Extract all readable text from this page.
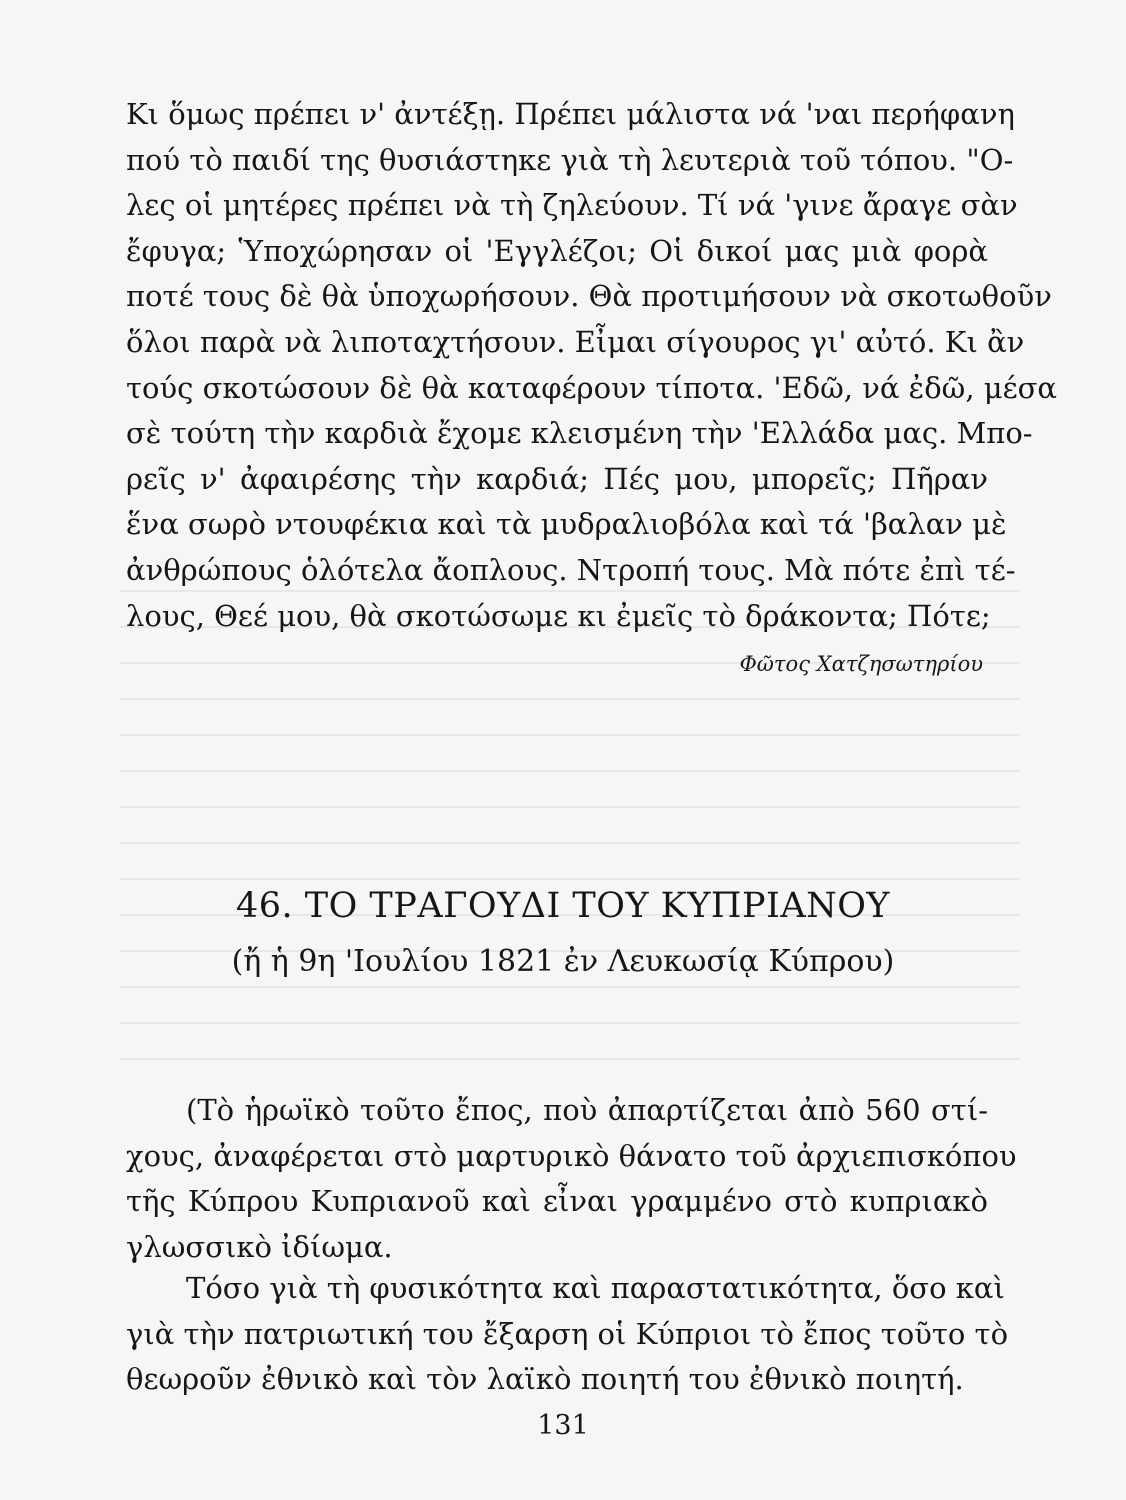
Κι ὅμως πρέπει ν' ἀντέξῃ. Πρέπει μάλιστα νά 'ναι περήφανη
πού τὸ παιδί της θυσιάστηκε γιὰ τὴ λευτεριὰ τοῦ τόπου. "Ο-
λες οἱ μητέρες πρέπει νὰ τὴ ζηλεύουν. Τί νά 'γινε ἄραγε σὰν
ἔφυγα; Ὑποχώρησαν οἱ 'Εγγλέζοι; Οἱ δικοί μας μιὰ φορὰ
ποτέ τους δὲ θὰ ὑποχωρήσουν. Θὰ προτιμήσουν νὰ σκοτωθοῦν
ὅλοι παρὰ νὰ λιποταχτήσουν. Εἶμαι σίγουρος γι' αὐτό. Κι ἂν
τούς σκοτώσουν δὲ θὰ καταφέρουν τίποτα. 'Εδῶ, νά ἐδῶ, μέσα
σὲ τούτη τὴν καρδιὰ ἔχομε κλεισμένη τὴν 'Ελλάδα μας. Μπο-
ρεῖς ν' ἀφαιρέσης τὴν καρδιά; Πές μου, μπορεῖς; Πῆραν
ἕνα σωρὸ ντουφέκια καὶ τὰ μυδραλιοβόλα καὶ τά 'βαλαν μὲ
ἀνθρώπους ὁλότελα ἄοπλους. Ντροπή τους. Μὰ πότε ἐπὶ τέ-
λους, Θεέ μου, θὰ σκοτώσωμε κι ἐμεῖς τὸ δράκοντα; Πότε;

Φῶτος Χατζησωτηρίου

46. ΤΟ ΤΡΑΓΟΥΔΙ ΤΟΥ ΚΥΠΡΙΑΝΟΥ
(ἤ ἡ 9η 'Ιουλίου 1821 ἐν Λευκωσίᾳ Κύπρου)

(Τὸ ἡρωϊκὸ τοῦτο ἔπος, ποὺ ἀπαρτίζεται ἀπὸ 560 στί-
χους, ἀναφέρεται στὸ μαρτυρικὸ θάνατο τοῦ ἀρχιεπισκόπου
τῆς Κύπρου Κυπριανοῦ καὶ εἶναι γραμμένο στὸ κυπριακὸ
γλωσσικὸ ἰδίωμα.

Τόσο γιὰ τὴ φυσικότητα καὶ παραστατικότητα, ὅσο καὶ
γιὰ τὴν πατριωτική του ἔξαρση οἱ Κύπριοι τὸ ἔπος τοῦτο τὸ
θεωροῦν ἐθνικὸ καὶ τὸν λαϊκὸ ποιητή του ἐθνικὸ ποιητή.

131
